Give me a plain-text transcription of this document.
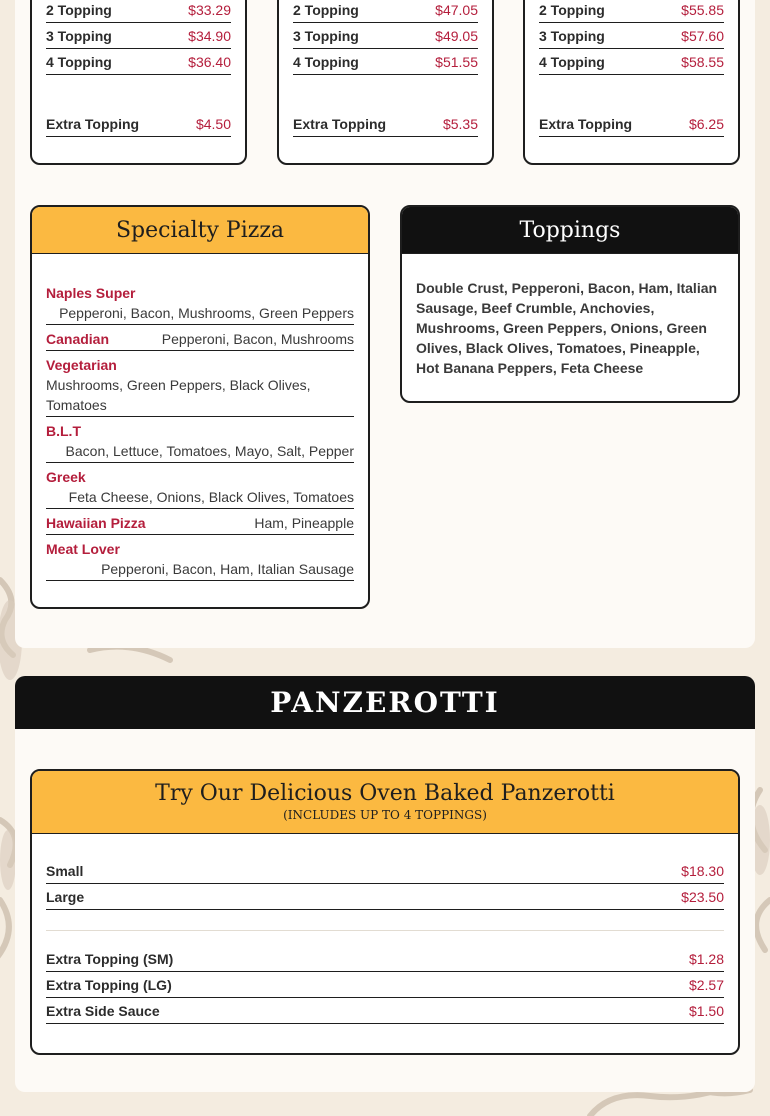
2 Topping	$33.29
3 Topping	$34.90
4 Topping	$36.40
Extra Topping	$4.50
2 Topping	$47.05
3 Topping	$49.05
4 Topping	$51.55
Extra Topping	$5.35
2 Topping	$55.85
3 Topping	$57.60
4 Topping	$58.55
Extra Topping	$6.25
Specialty Pizza
Naples Super
Pepperoni, Bacon, Mushrooms, Green Peppers
Canadian	Pepperoni, Bacon, Mushrooms
Vegetarian
Mushrooms, Green Peppers, Black Olives, Tomatoes
B.L.T
Bacon, Lettuce, Tomatoes, Mayo, Salt, Pepper
Greek
Feta Cheese, Onions, Black Olives, Tomatoes
Hawaiian Pizza	Ham, Pineapple
Meat Lover
Pepperoni, Bacon, Ham, Italian Sausage
Toppings
Double Crust, Pepperoni, Bacon, Ham, Italian Sausage, Beef Crumble, Anchovies, Mushrooms, Green Peppers, Onions, Green Olives, Black Olives, Tomatoes, Pineapple, Hot Banana Peppers, Feta Cheese
PANZEROTTI
Try Our Delicious Oven Baked Panzerotti
(INCLUDES UP TO 4 TOPPINGS)
Small	$18.30
Large	$23.50
Extra Topping (SM)	$1.28
Extra Topping (LG)	$2.57
Extra Side Sauce	$1.50
